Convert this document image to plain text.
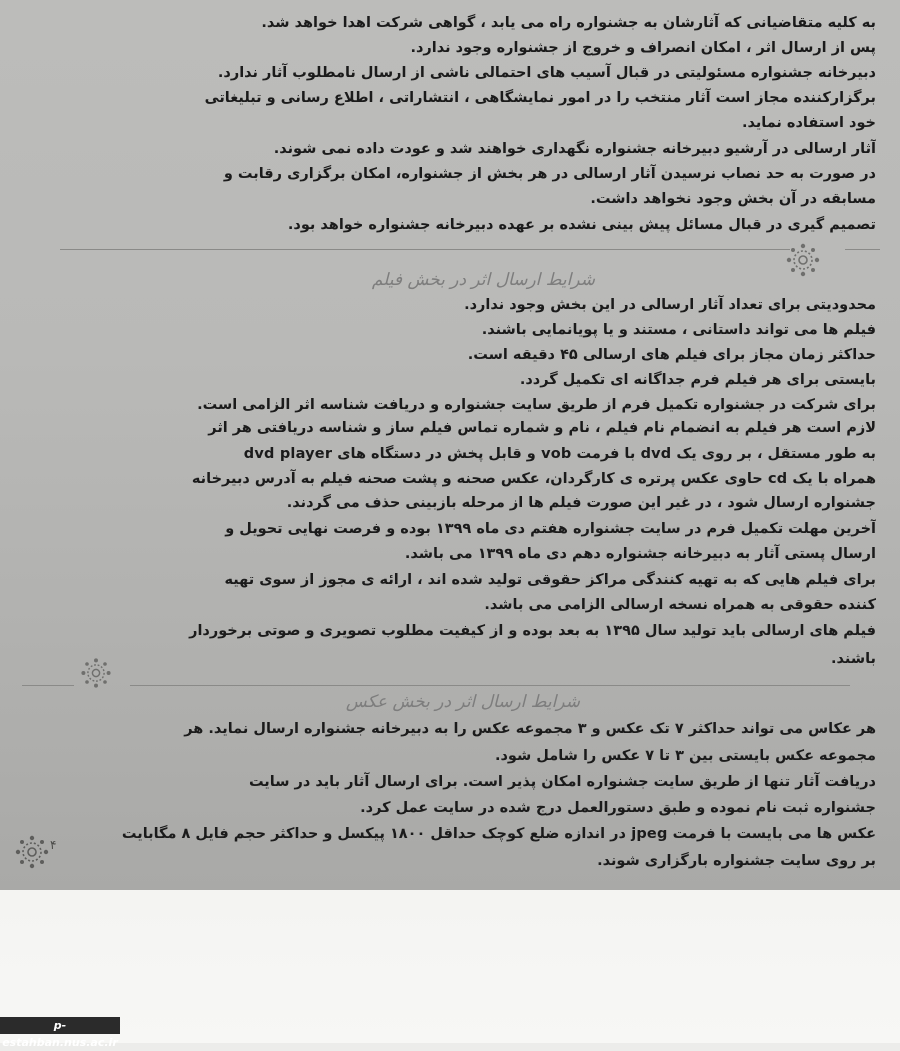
به کلیه متقاضیانی که آثارشان به جشنواره راه می یابد ، گواهی شرکت اهدا خواهد شد.
پس از ارسال اثر ، امکان انصراف و خروج از جشنواره وجود ندارد.
دبیرخانه جشنواره مسئولیتی در قبال آسیب های احتمالی ناشی از ارسال نامطلوب آثار ندارد.
برگزارکننده مجاز است آثار منتخب را در امور نمایشگاهی ، انتشاراتی ، اطلاع رسانی و تبلیغاتی
خود استفاده نماید.
آثار ارسالی در آرشیو دبیرخانه جشنواره نگهداری خواهند شد و عودت داده نمی شوند.
در صورت به حد نصاب نرسیدن آثار ارسالی در هر بخش از جشنواره، امکان برگزاری رقابت و
مسابقه در آن بخش وجود نخواهد داشت.
تصمیم گیری در قبال مسائل پیش بینی نشده بر عهده دبیرخانه جشنواره خواهد بود.
شرایط ارسال اثر در بخش فیلم
محدودیتی برای تعداد آثار ارسالی در این بخش وجود ندارد.
فیلم ها می تواند داستانی ، مستند و یا پویانمایی باشند.
حداکثر زمان مجاز برای فیلم های ارسالی ۴۵ دقیقه است.
بایستی برای هر فیلم فرم جداگانه ای تکمیل گردد.
برای شرکت در جشنواره تکمیل فرم از طریق سایت جشنواره و دریافت شناسه اثر الزامی است.
لازم است هر فیلم به انضمام نام فیلم ، نام و شماره تماس فیلم ساز و شناسه دریافتی هر اثر
به طور مستقل ، بر روی یک dvd با فرمت vob و قابل پخش در دستگاه های dvd player
همراه با یک cd حاوی عکس پرتره ی کارگردان، عکس صحنه و پشت صحنه فیلم به آدرس دبیرخانه
جشنواره ارسال شود ، در غیر این صورت فیلم ها از مرحله بازبینی حذف می گردند.
آخرین مهلت تکمیل فرم در سایت جشنواره هفتم دی ماه ۱۳۹۹ بوده و فرصت نهایی تحویل و
ارسال پستی آثار به دبیرخانه جشنواره دهم دی ماه ۱۳۹۹ می باشد.
برای فیلم هایی که به تهیه کنندگی مراکز حقوقی تولید شده اند ، ارائه ی مجوز از سوی تهیه
کننده حقوقی به همراه نسخه ارسالی الزامی می باشد.
فیلم های ارسالی باید تولید سال ۱۳۹۵ به بعد بوده و از کیفیت مطلوب تصویری و صوتی برخوردار
باشند.
شرایط ارسال اثر در بخش عکس
هر عکاس می تواند حداکثر ۷ تک عکس و ۳ مجموعه عکس را به دبیرخانه جشنواره ارسال نماید. هر
مجموعه عکس بایستی بین ۳ تا ۷ عکس را شامل شود.
دریافت آثار تنها از طریق سایت جشنواره امکان پذیر است. برای ارسال آثار باید در سایت
جشنواره ثبت نام نموده و طبق دستورالعمل درج شده در سایت عمل کرد.
عکس ها می بایست با فرمت jpeg در اندازه ضلع کوچک حداقل ۱۸۰۰ پیکسل و حداکثر حجم فایل ۸ مگابایت
بر روی سایت جشنواره بارگزاری شوند.
۴
p-estahban.nus.ac.ir
